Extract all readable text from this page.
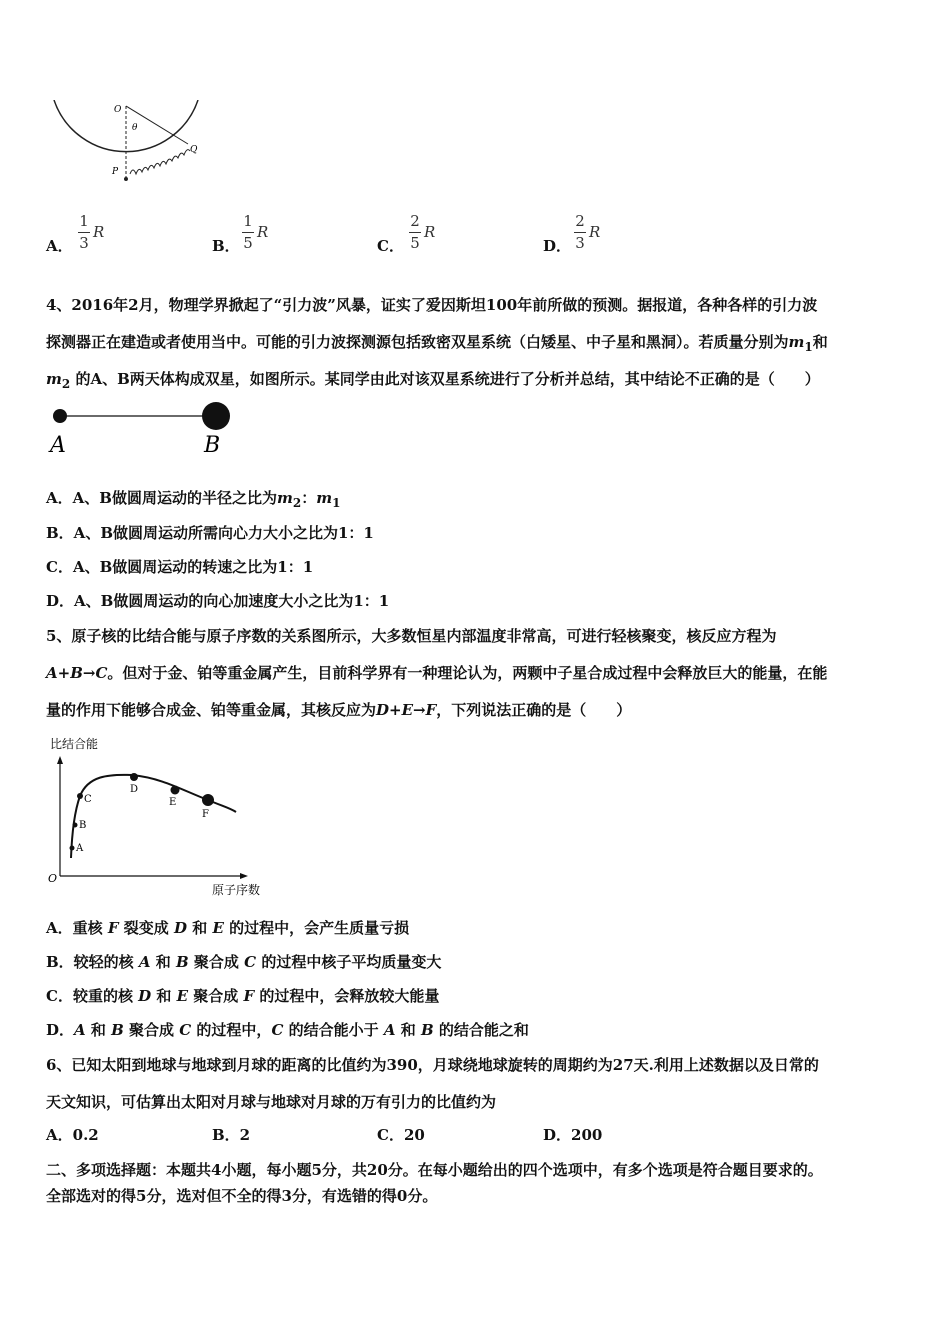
O
θ
Q
P
A．
1
3
R
B．
1
5
R
C．
2
5
R
D．
2
3
R
4、2016年2月，物理学界掀起了“引力波”风暴，证实了爱因斯坦100年前所做的预测。据报道，各种各样的引力波
探测器正在建造或者使用当中。可能的引力波探测源包括致密双星系统（白矮星、中子星和黑洞）。若质量分别为$m_1$和
$m_2$ 的A、B两天体构成双星，如图所示。某同学由此对该双星系统进行了分析并总结，其中结论不正确的是（　　）
A	B
A．A、B做圆周运动的半径之比为$m_2$：$m_1$
B．A、B做圆周运动所需向心力大小之比为1：1
C．A、B做圆周运动的转速之比为1：1
D．A、B做圆周运动的向心加速度大小之比为1：1
5、原子核的比结合能与原子序数的关系图所示，大多数恒星内部温度非常高，可进行轻核聚变，核反应方程为
A+B→C。但对于金、铂等重金属产生，目前科学界有一种理论认为，两颗中子星合成过程中会释放巨大的能量，在能
量的作用下能够合成金、铂等重金属，其核反应为D+E→F，下列说法正确的是（　　）
比结合能
O
原子序数
A
B
C
D
E
F
A．重核 F 裂变成 D 和 E 的过程中，会产生质量亏损
B．较轻的核 A 和 B 聚合成 C 的过程中核子平均质量变大
C．较重的核 D 和 E 聚合成 F 的过程中，会释放较大能量
D．A 和 B 聚合成 C 的过程中，C 的结合能小于 A 和 B 的结合能之和
6、已知太阳到地球与地球到月球的距离的比值约为390，月球绕地球旋转的周期约为27天.利用上述数据以及日常的
天文知识，可估算出太阳对月球与地球对月球的万有引力的比值约为
A．0.2	B．2	C．20	D．200
二、多项选择题：本题共4小题，每小题5分，共20分。在每小题给出的四个选项中，有多个选项是符合题目要求的。
全部选对的得5分，选对但不全的得3分，有选错的得0分。
